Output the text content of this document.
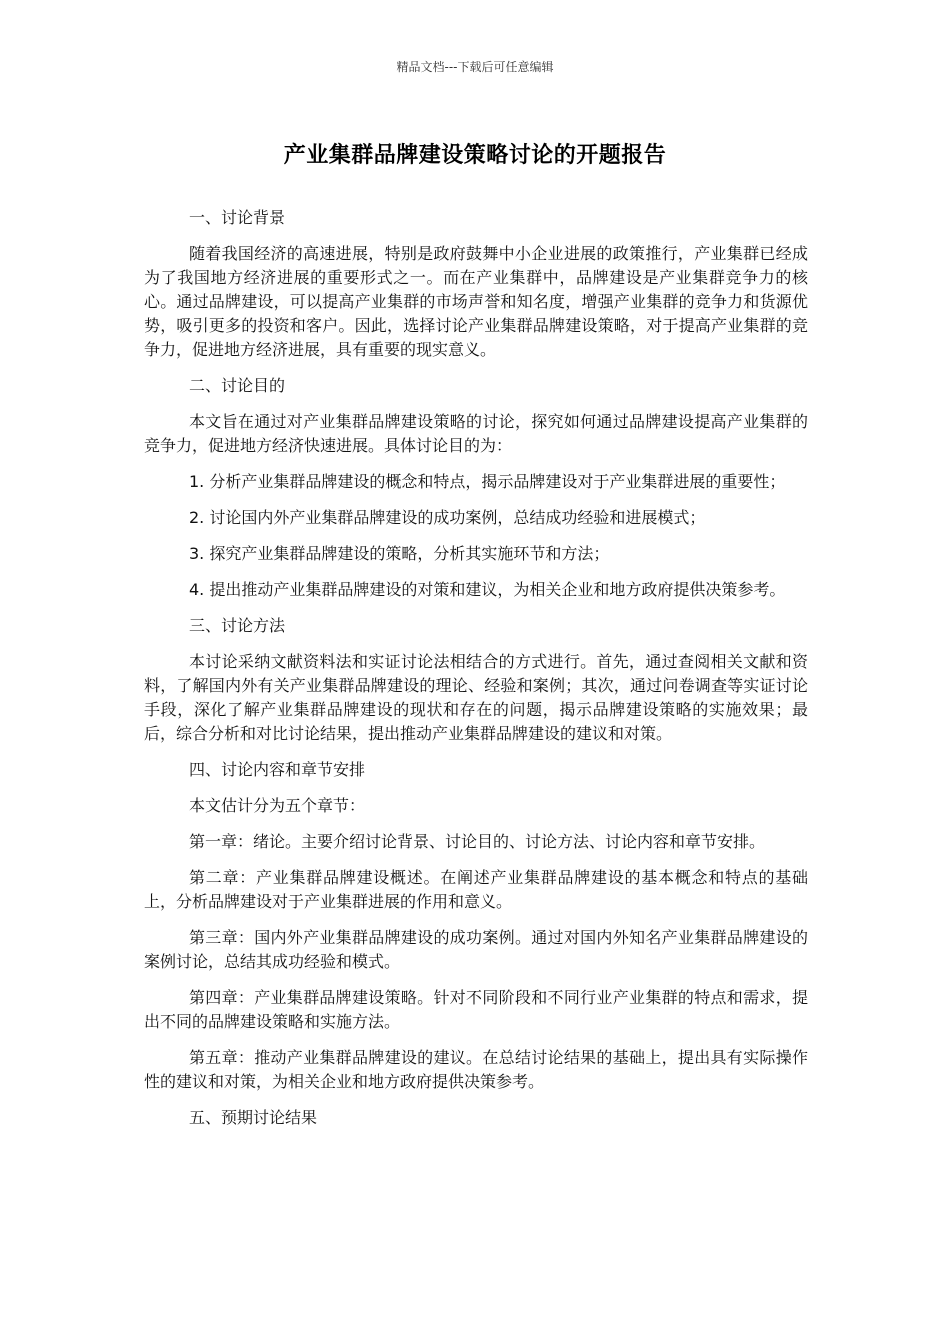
精品文档---下载后可任意编辑
产业集群品牌建设策略讨论的开题报告

一、讨论背景

随着我国经济的高速进展，特别是政府鼓舞中小企业进展的政策推行，产业集群已经成为了我国地方经济进展的重要形式之一。而在产业集群中，品牌建设是产业集群竞争力的核心。通过品牌建设，可以提高产业集群的市场声誉和知名度，增强产业集群的竞争力和货源优势，吸引更多的投资和客户。因此，选择讨论产业集群品牌建设策略，对于提高产业集群的竞争力，促进地方经济进展，具有重要的现实意义。

二、讨论目的

本文旨在通过对产业集群品牌建设策略的讨论，探究如何通过品牌建设提高产业集群的竞争力，促进地方经济快速进展。具体讨论目的为：

1. 分析产业集群品牌建设的概念和特点，揭示品牌建设对于产业集群进展的重要性；

2. 讨论国内外产业集群品牌建设的成功案例，总结成功经验和进展模式；

3. 探究产业集群品牌建设的策略，分析其实施环节和方法；

4. 提出推动产业集群品牌建设的对策和建议，为相关企业和地方政府提供决策参考。

三、讨论方法

本讨论采纳文献资料法和实证讨论法相结合的方式进行。首先，通过查阅相关文献和资料，了解国内外有关产业集群品牌建设的理论、经验和案例；其次，通过问卷调查等实证讨论手段，深化了解产业集群品牌建设的现状和存在的问题，揭示品牌建设策略的实施效果；最后，综合分析和对比讨论结果，提出推动产业集群品牌建设的建议和对策。

四、讨论内容和章节安排

本文估计分为五个章节：

第一章：绪论。主要介绍讨论背景、讨论目的、讨论方法、讨论内容和章节安排。

第二章：产业集群品牌建设概述。在阐述产业集群品牌建设的基本概念和特点的基础上，分析品牌建设对于产业集群进展的作用和意义。

第三章：国内外产业集群品牌建设的成功案例。通过对国内外知名产业集群品牌建设的案例讨论，总结其成功经验和模式。

第四章：产业集群品牌建设策略。针对不同阶段和不同行业产业集群的特点和需求，提出不同的品牌建设策略和实施方法。

第五章：推动产业集群品牌建设的建议。在总结讨论结果的基础上，提出具有实际操作性的建议和对策，为相关企业和地方政府提供决策参考。

五、预期讨论结果
